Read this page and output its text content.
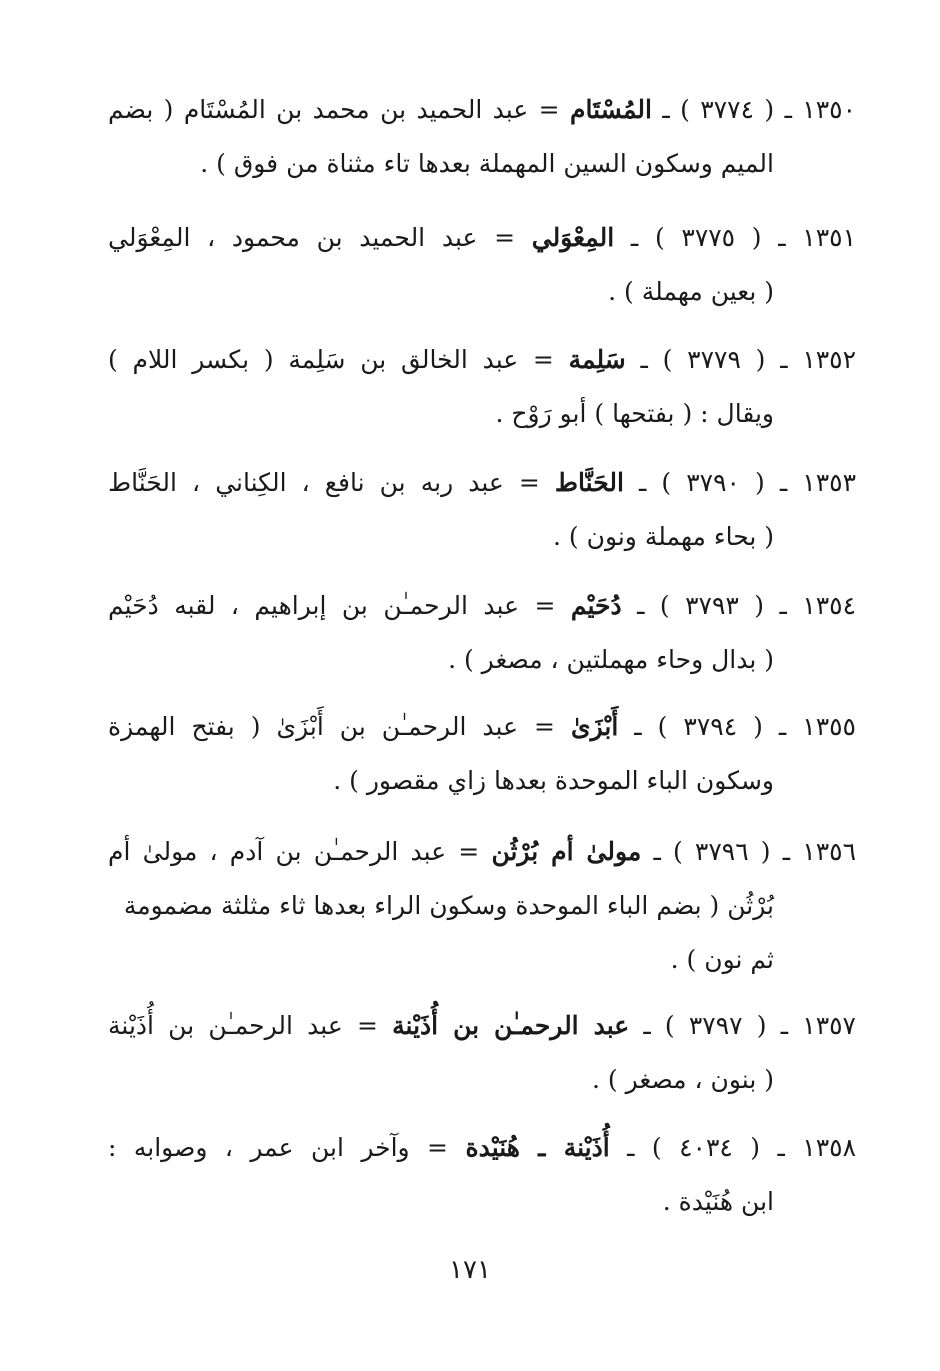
١٣٥٠ ـ ( ٣٧٧٤ ) ـ المُسْتَام = عبد الحميد بن محمد بن المُسْتَام ( بضم
الميم وسكون السين المهملة بعدها تاء مثناة من فوق ) .
١٣٥١ ـ ( ٣٧٧٥ ) ـ المِعْوَلي = عبد الحميد بن محمود ، المِعْوَلي
( بعين مهملة ) .
١٣٥٢ ـ ( ٣٧٧٩ ) ـ سَلِمة = عبد الخالق بن سَلِمة ( بكسر اللام )
ويقال : ( بفتحها ) أبو رَوْح .
١٣٥٣ ـ ( ٣٧٩٠ ) ـ الحَنَّاط = عبد ربه بن نافع ، الكِناني ، الحَنَّاط
( بحاء مهملة ونون ) .
١٣٥٤ ـ ( ٣٧٩٣ ) ـ دُحَيْم = عبد الرحمـٰن بن إبراهيم ، لقبه دُحَيْم
( بدال وحاء مهملتين ، مصغر ) .
١٣٥٥ ـ ( ٣٧٩٤ ) ـ أَبْزَىٰ = عبد الرحمـٰن بن أَبْزَىٰ ( بفتح الهمزة
وسكون الباء الموحدة بعدها زاي مقصور ) .
١٣٥٦ ـ ( ٣٧٩٦ ) ـ مولىٰ أم بُرْثُن = عبد الرحمـٰن بن آدم ، مولىٰ أم
بُرْثُن ( بضم الباء الموحدة وسكون الراء بعدها ثاء مثلثة مضمومة
ثم نون ) .
١٣٥٧ ـ ( ٣٧٩٧ ) ـ عبد الرحمـٰن بن أُذَيْنة = عبد الرحمـٰن بن أُذَيْنة
( بنون ، مصغر ) .
١٣٥٨ ـ ( ٤٠٣٤ ) ـ أُذَيْنة ـ هُنَيْدة = وآخر ابن عمر ، وصوابه :
ابن هُنَيْدة .
١٧١
